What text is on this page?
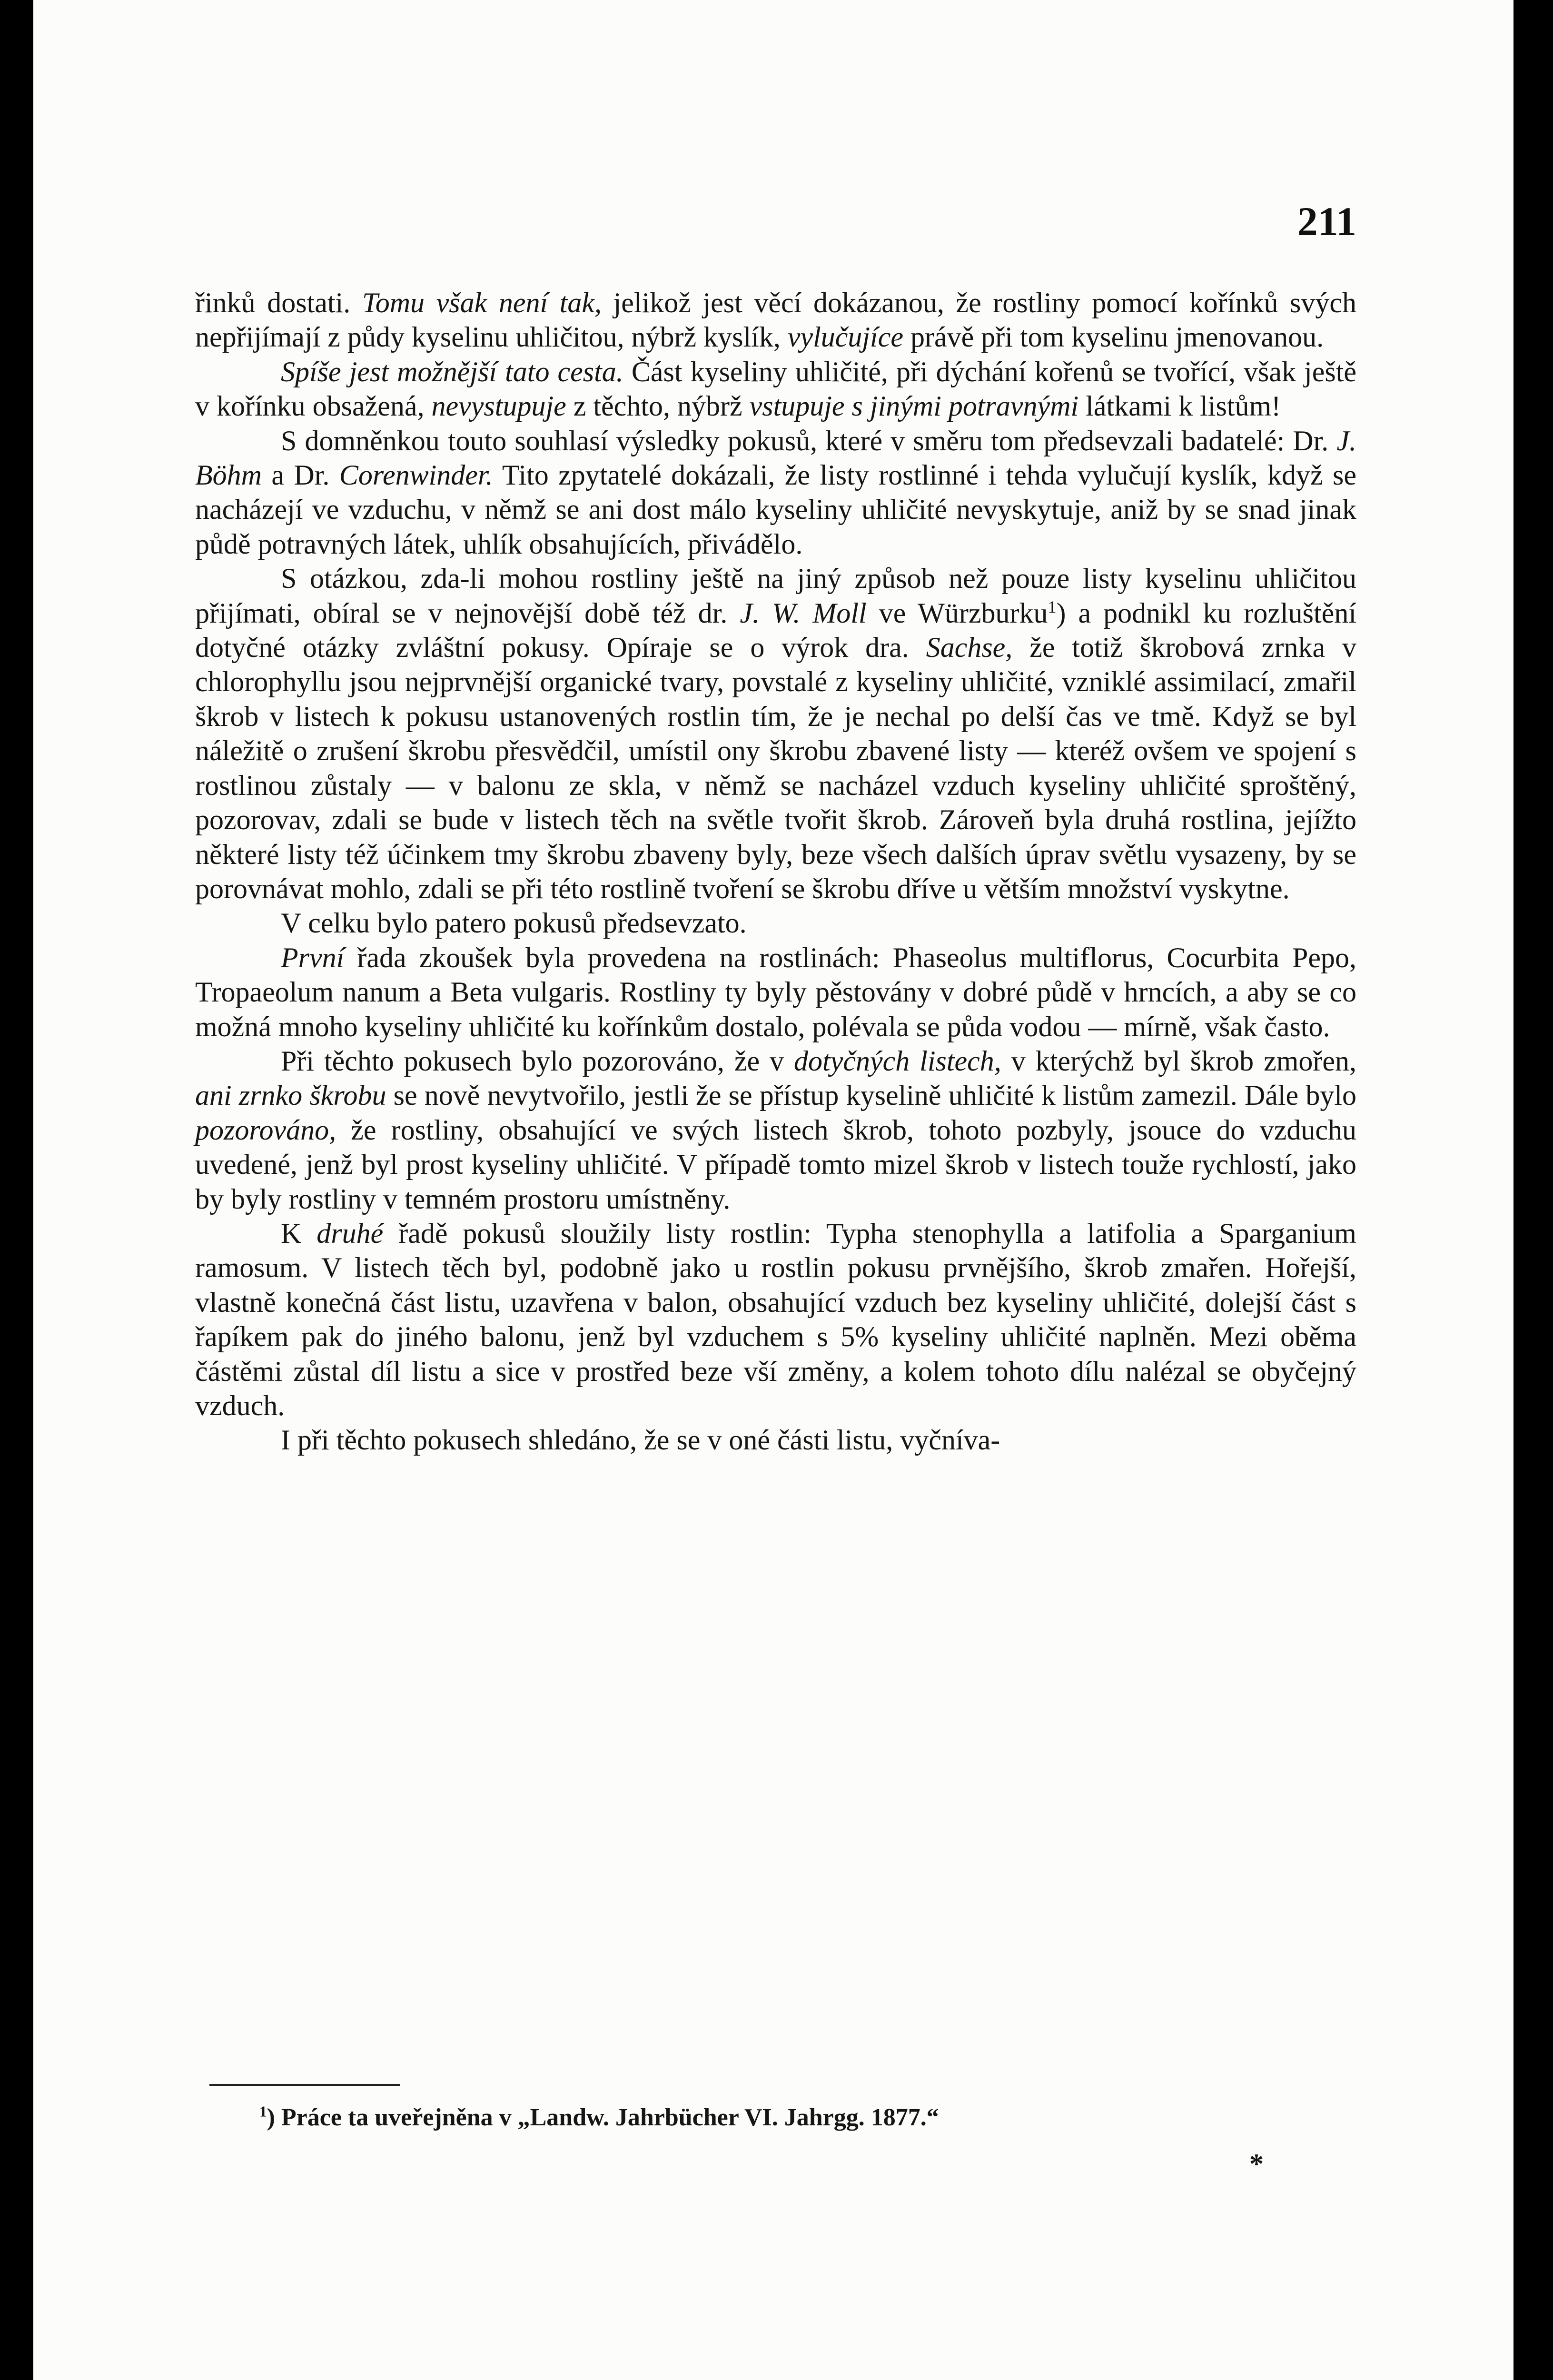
211

řinků dostati. Tomu však není tak, jelikož jest věcí dokázanou, že rostliny pomocí kořínků svých nepřijímají z půdy kyselinu uhličitou, nýbrž kyslík, vylučujíce právě při tom kyselinu jmenovanou.

Spíše jest možnější tato cesta. Část kyseliny uhličité, při dýchání kořenů se tvořící, však ještě v kořínku obsažená, nevystupuje z těchto, nýbrž vstupuje s jinými potravnými látkami k listům!

S domněnkou touto souhlasí výsledky pokusů, které v směru tom předsevzali badatelé: Dr. J. Böhm a Dr. Corenwinder. Tito zpytatelé dokázali, že listy rostlinné i tehda vylučují kyslík, když se nacházejí ve vzduchu, v němž se ani dost málo kyseliny uhličité nevyskytuje, aniž by se snad jinak půdě potravných látek, uhlík obsahujících, přivádělo.

S otázkou, zda-li mohou rostliny ještě na jiný způsob než pouze listy kyselinu uhličitou přijímati, obíral se v nejnovější době též dr. J. W. Moll ve Würzburku$^1$) a podnikl ku rozluštění dotyčné otázky zvláštní pokusy. Opíraje se o výrok dra. Sachse, že totiž škrobová zrnka v chlorophyllu jsou nejprvnější organické tvary, povstalé z kyseliny uhličité, vzniklé assimilací, zmařil škrob v listech k pokusu ustanovených rostlin tím, že je nechal po delší čas ve tmě. Když se byl náležitě o zrušení škrobu přesvědčil, umístil ony škrobu zbavené listy — kteréž ovšem ve spojení s rostlinou zůstaly — v balonu ze skla, v němž se nacházel vzduch kyseliny uhličité sproštěný, pozorovav, zdali se bude v listech těch na světle tvořit škrob. Zároveň byla druhá rostlina, jejížto některé listy též účinkem tmy škrobu zbaveny byly, beze všech dalších úprav světlu vysazeny, by se porovnávat mohlo, zdali se při této rostlině tvoření se škrobu dříve u větším množství vyskytne.

V celku bylo patero pokusů předsevzato.

První řada zkoušek byla provedena na rostlinách: Phaseolus multiflorus, Cocurbita Pepo, Tropaeolum nanum a Beta vulgaris. Rostliny ty byly pěstovány v dobré půdě v hrncích, a aby se co možná mnoho kyseliny uhličité ku kořínkům dostalo, polévala se půda vodou — mírně, však často.

Při těchto pokusech bylo pozorováno, že v dotyčných listech, v kterýchž byl škrob zmořen, ani zrnko škrobu se nově nevytvořilo, jestli že se přístup kyselině uhličité k listům zamezil. Dále bylo pozorováno, že rostliny, obsahující ve svých listech škrob, tohoto pozbyly, jsouce do vzduchu uvedené, jenž byl prost kyseliny uhličité. V případě tomto mizel škrob v listech touže rychlostí, jako by byly rostliny v temném prostoru umístněny.

K druhé řadě pokusů sloužily listy rostlin: Typha stenophylla a latifolia a Sparganium ramosum. V listech těch byl, podobně jako u rostlin pokusu prvnějšího, škrob zmařen. Hořejší, vlastně konečná část listu, uzavřena v balon, obsahující vzduch bez kyseliny uhličité, dolejší část s řapíkem pak do jiného balonu, jenž byl vzduchem s 5% kyseliny uhličité naplněn. Mezi oběma částěmi zůstal díl listu a sice v prostřed beze vší změny, a kolem tohoto dílu nalézal se obyčejný vzduch.

I při těchto pokusech shledáno, že se v oné části listu, vyčníva-

$^1$) Práce ta uveřejněna v „Landw. Jahrbücher VI. Jahrgg. 1877.“
*
